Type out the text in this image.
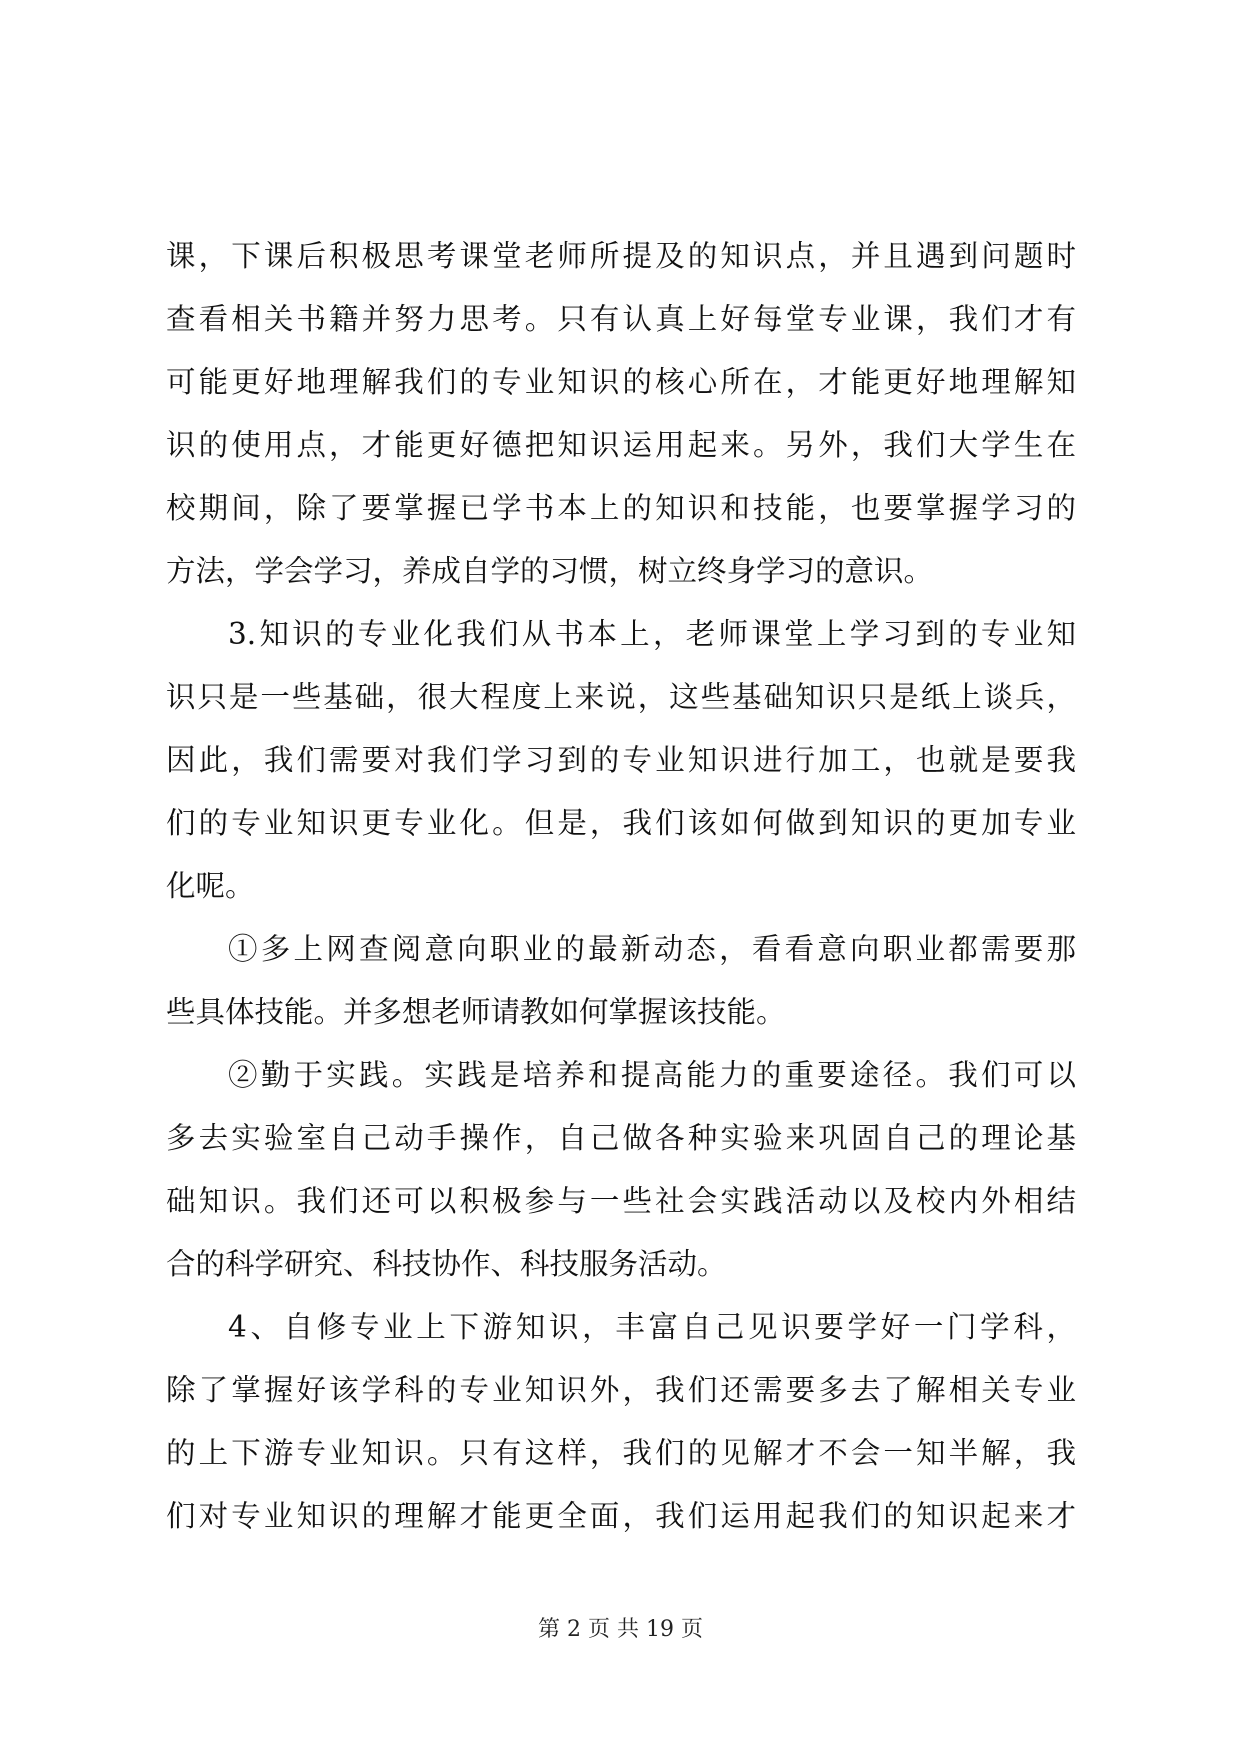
课，下课后积极思考课堂老师所提及的知识点，并且遇到问题时
查看相关书籍并努力思考。只有认真上好每堂专业课，我们才有
可能更好地理解我们的专业知识的核心所在，才能更好地理解知
识的使用点，才能更好德把知识运用起来。另外，我们大学生在
校期间，除了要掌握已学书本上的知识和技能，也要掌握学习的
方法，学会学习，养成自学的习惯，树立终身学习的意识。
3.知识的专业化我们从书本上，老师课堂上学习到的专业知
识只是一些基础，很大程度上来说，这些基础知识只是纸上谈兵，
因此，我们需要对我们学习到的专业知识进行加工，也就是要我
们的专业知识更专业化。但是，我们该如何做到知识的更加专业
化呢。
①多上网查阅意向职业的最新动态，看看意向职业都需要那
些具体技能。并多想老师请教如何掌握该技能。
②勤于实践。实践是培养和提高能力的重要途径。我们可以
多去实验室自己动手操作，自己做各种实验来巩固自己的理论基
础知识。我们还可以积极参与一些社会实践活动以及校内外相结
合的科学研究、科技协作、科技服务活动。
4、自修专业上下游知识，丰富自己见识要学好一门学科，
除了掌握好该学科的专业知识外，我们还需要多去了解相关专业
的上下游专业知识。只有这样，我们的见解才不会一知半解，我
们对专业知识的理解才能更全面，我们运用起我们的知识起来才
第 2 页 共 19 页
